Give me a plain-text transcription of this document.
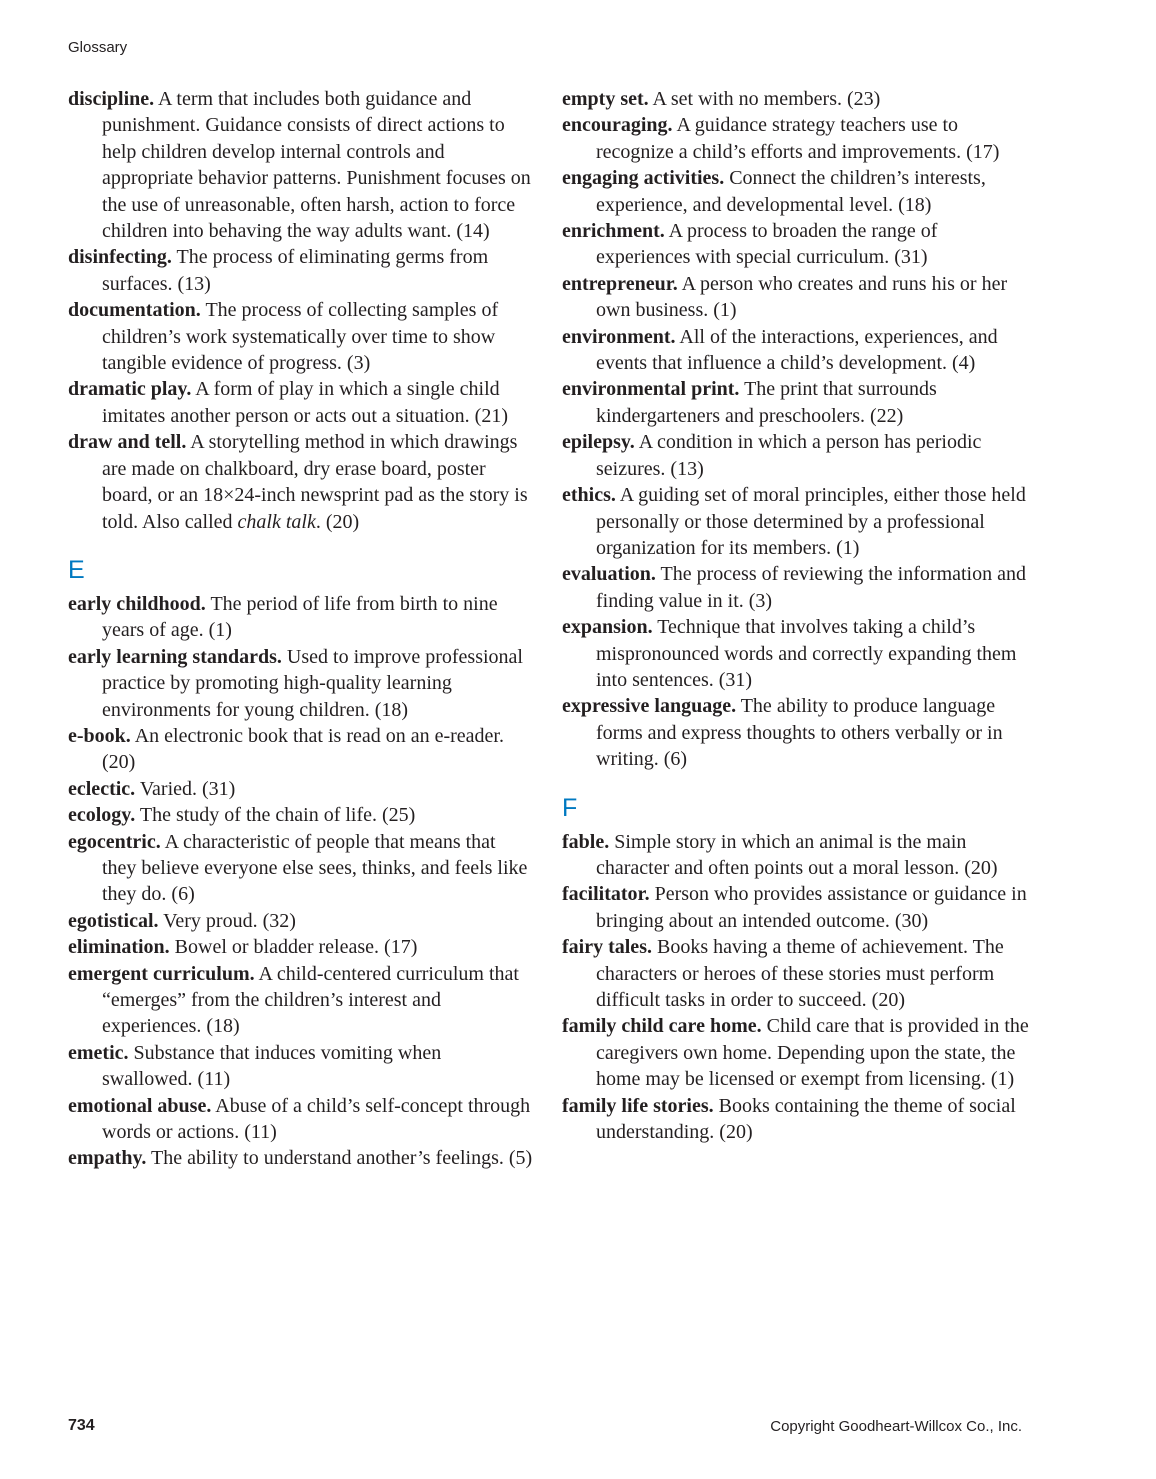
Glossary

discipline. A term that includes both guidance and punishment. Guidance consists of direct actions to help children develop internal controls and appropriate behavior patterns. Punishment focuses on the use of unreasonable, often harsh, action to force children into behaving the way adults want. (14)

disinfecting. The process of eliminating germs from surfaces. (13)

documentation. The process of collecting samples of children’s work systematically over time to show tangible evidence of progress. (3)

dramatic play. A form of play in which a single child imitates another person or acts out a situation. (21)

draw and tell. A storytelling method in which drawings are made on chalkboard, dry erase board, poster board, or an 18×24-inch newsprint pad as the story is told. Also called chalk talk. (20)

E

early childhood. The period of life from birth to nine years of age. (1)

early learning standards. Used to improve professional practice by promoting high-quality learning environments for young children. (18)

e-book. An electronic book that is read on an e-reader. (20)

eclectic. Varied. (31)

ecology. The study of the chain of life. (25)

egocentric. A characteristic of people that means that they believe everyone else sees, thinks, and feels like they do. (6)

egotistical. Very proud. (32)

elimination. Bowel or bladder release. (17)

emergent curriculum. A child-centered curriculum that “emerges” from the children’s interest and experiences. (18)

emetic. Substance that induces vomiting when swallowed. (11)

emotional abuse. Abuse of a child’s self-concept through words or actions. (11)

empathy. The ability to understand another’s feelings. (5)

empty set. A set with no members. (23)

encouraging. A guidance strategy teachers use to recognize a child’s efforts and improvements. (17)

engaging activities. Connect the children’s interests, experience, and developmental level. (18)

enrichment. A process to broaden the range of experiences with special curriculum. (31)

entrepreneur. A person who creates and runs his or her own business. (1)

environment. All of the interactions, experiences, and events that influence a child’s development. (4)

environmental print. The print that surrounds kindergarteners and preschoolers. (22)

epilepsy. A condition in which a person has periodic seizures. (13)

ethics. A guiding set of moral principles, either those held personally or those determined by a professional organization for its members. (1)

evaluation. The process of reviewing the information and finding value in it. (3)

expansion. Technique that involves taking a child’s mispronounced words and correctly expanding them into sentences. (31)

expressive language. The ability to produce language forms and express thoughts to others verbally or in writing. (6)

F

fable. Simple story in which an animal is the main character and often points out a moral lesson. (20)

facilitator. Person who provides assistance or guidance in bringing about an intended outcome. (30)

fairy tales. Books having a theme of achievement. The characters or heroes of these stories must perform difficult tasks in order to succeed. (20)

family child care home. Child care that is provided in the caregivers own home. Depending upon the state, the home may be licensed or exempt from licensing. (1)

family life stories. Books containing the theme of social understanding. (20)

734	Copyright Goodheart-Willcox Co., Inc.
